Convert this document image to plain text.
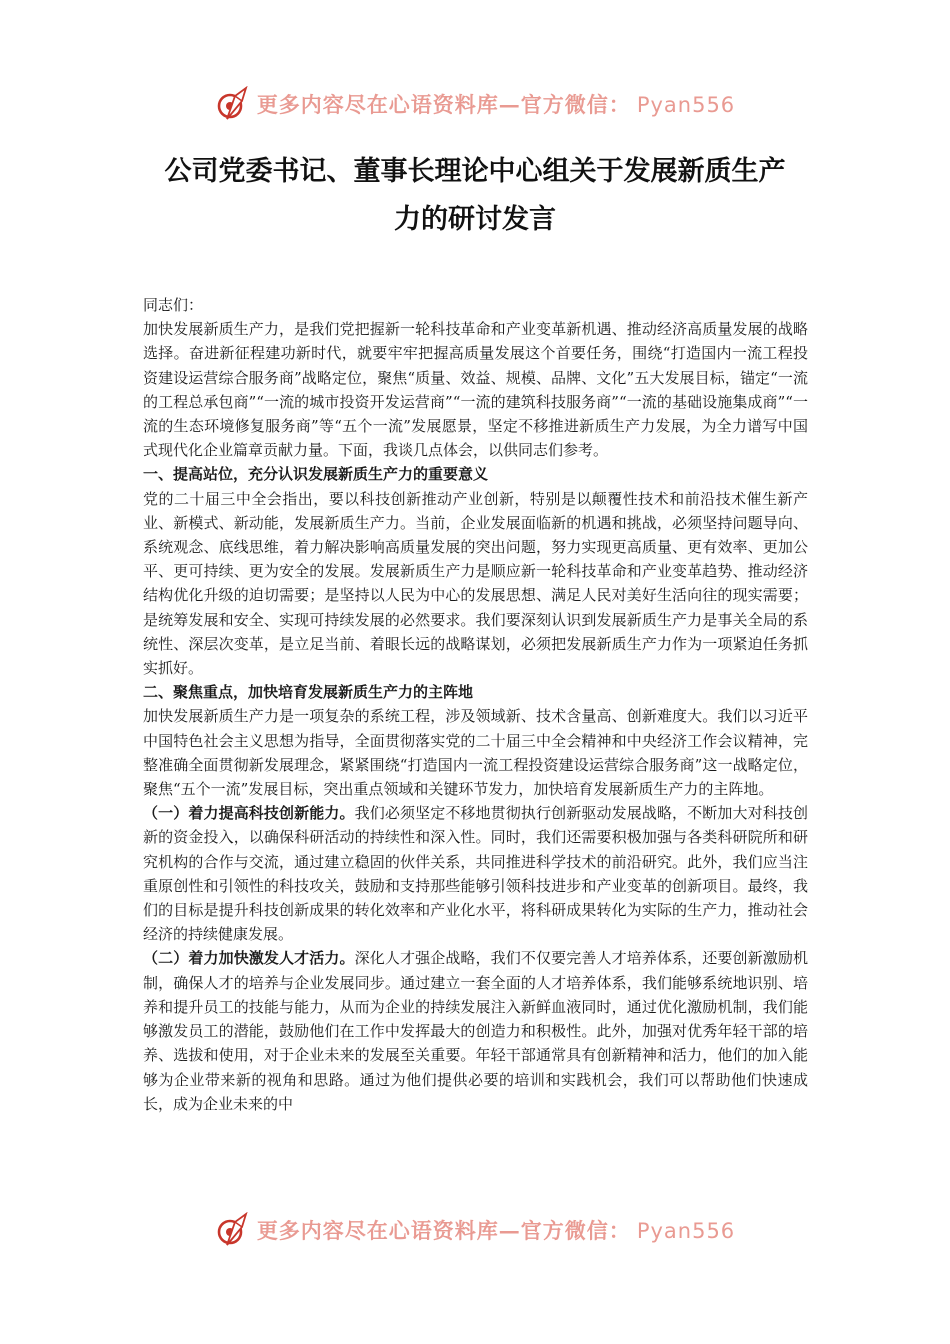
更多内容尽在心语资料库—官方微信： Pyan556
公司党委书记、董事长理论中心组关于发展新质生产
力的研讨发言

同志们：

加快发展新质生产力，是我们党把握新一轮科技革命和产业变革新机遇、推动经济高质量发展的战略选择。奋进新征程建功新时代，就要牢牢把握高质量发展这个首要任务，围绕“打造国内一流工程投资建设运营综合服务商”战略定位，聚焦“质量、效益、规模、品牌、文化”五大发展目标，锚定“一流的工程总承包商”“一流的城市投资开发运营商”“一流的建筑科技服务商”“一流的基础设施集成商”“一流的生态环境修复服务商”等“五个一流”发展愿景，坚定不移推进新质生产力发展，为全力谱写中国式现代化企业篇章贡献力量。下面，我谈几点体会，以供同志们参考。

一、提高站位，充分认识发展新质生产力的重要意义

党的二十届三中全会指出，要以科技创新推动产业创新，特别是以颠覆性技术和前沿技术催生新产业、新模式、新动能，发展新质生产力。当前，企业发展面临新的机遇和挑战，必须坚持问题导向、系统观念、底线思维，着力解决影响高质量发展的突出问题，努力实现更高质量、更有效率、更加公平、更可持续、更为安全的发展。发展新质生产力是顺应新一轮科技革命和产业变革趋势、推动经济结构优化升级的迫切需要；是坚持以人民为中心的发展思想、满足人民对美好生活向往的现实需要；是统筹发展和安全、实现可持续发展的必然要求。我们要深刻认识到发展新质生产力是事关全局的系统性、深层次变革，是立足当前、着眼长远的战略谋划，必须把发展新质生产力作为一项紧迫任务抓实抓好。

二、聚焦重点，加快培育发展新质生产力的主阵地

加快发展新质生产力是一项复杂的系统工程，涉及领域新、技术含量高、创新难度大。我们以习近平中国特色社会主义思想为指导，全面贯彻落实党的二十届三中全会精神和中央经济工作会议精神，完整准确全面贯彻新发展理念，紧紧围绕“打造国内一流工程投资建设运营综合服务商”这一战略定位，聚焦“五个一流”发展目标，突出重点领域和关键环节发力，加快培育发展新质生产力的主阵地。

（一）着力提高科技创新能力。我们必须坚定不移地贯彻执行创新驱动发展战略，不断加大对科技创新的资金投入，以确保科研活动的持续性和深入性。同时，我们还需要积极加强与各类科研院所和研究机构的合作与交流，通过建立稳固的伙伴关系，共同推进科学技术的前沿研究。此外，我们应当注重原创性和引领性的科技攻关，鼓励和支持那些能够引领科技进步和产业变革的创新项目。最终，我们的目标是提升科技创新成果的转化效率和产业化水平，将科研成果转化为实际的生产力，推动社会经济的持续健康发展。

（二）着力加快激发人才活力。深化人才强企战略，我们不仅要完善人才培养体系，还要创新激励机制，确保人才的培养与企业发展同步。通过建立一套全面的人才培养体系，我们能够系统地识别、培养和提升员工的技能与能力，从而为企业的持续发展注入新鲜血液同时，通过优化激励机制，我们能够激发员工的潜能，鼓励他们在工作中发挥最大的创造力和积极性。此外，加强对优秀年轻干部的培养、选拔和使用，对于企业未来的发展至关重要。年轻干部通常具有创新精神和活力，他们的加入能够为企业带来新的视角和思路。通过为他们提供必要的培训和实践机会，我们可以帮助他们快速成长，成为企业未来的中

更多内容尽在心语资料库—官方微信： Pyan556
